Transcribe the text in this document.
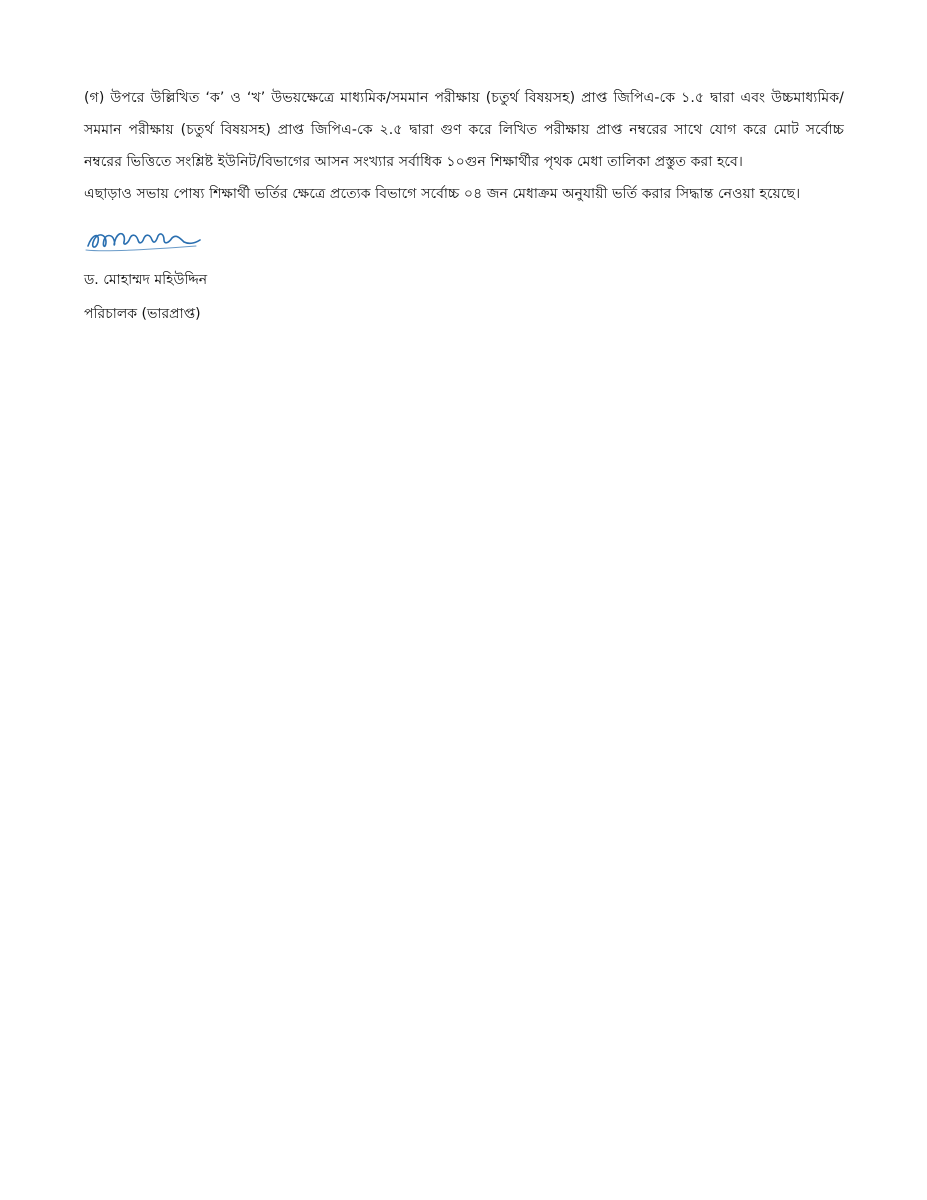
(গ) উপরে উল্লিখিত ‘ক’ ও ‘খ’ উভয়ক্ষেত্রে মাধ্যমিক/সমমান পরীক্ষায় (চতুর্থ বিষয়সহ) প্রাপ্ত জিপিএ-কে ১.৫ দ্বারা এবং উচ্চমাধ্যমিক/ সমমান পরীক্ষায় (চতুর্থ বিষয়সহ) প্রাপ্ত জিপিএ-কে ২.৫ দ্বারা গুণ করে লিখিত পরীক্ষায় প্রাপ্ত নম্বরের সাথে যোগ করে মোট সর্বোচ্চ নম্বরের ভিত্তিতে সংশ্লিষ্ট ইউনিট/বিভাগের আসন সংখ্যার সর্বাধিক ১০গুন শিক্ষার্থীর পৃথক মেধা তালিকা প্রস্তুত করা হবে।

এছাড়াও সভায় পোষ্য শিক্ষার্থী ভর্তির ক্ষেত্রে প্রত্যেক বিভাগে সর্বোচ্চ ০৪ জন মেধাক্রম অনুযায়ী ভর্তি করার সিদ্ধান্ত নেওয়া হয়েছে।

ড. মোহাম্মদ মহিউদ্দিন
পরিচালক (ভারপ্রাপ্ত)
